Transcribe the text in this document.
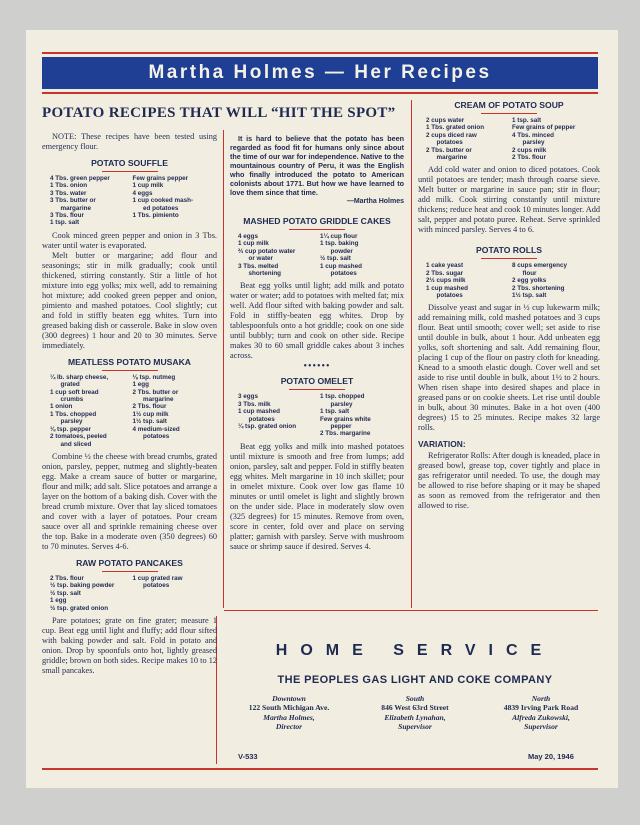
Martha Holmes — Her Recipes
POTATO RECIPES THAT WILL “HIT THE SPOT”

NOTE: These recipes have been tested using emergency flour.

POTATO SOUFFLE
4 Tbs. green pepper
1 Tbs. onion
3 Tbs. water
3 Tbs. butter or
margarine
3 Tbs. flour
1 tsp. salt
Few grains pepper
1 cup milk
4 eggs
1 cup cooked mash-
ed potatoes
1 Tbs. pimiento

Cook minced green pepper and onion in 3 Tbs. water until water is evaporated.

Melt butter or margarine; add flour and seasonings; stir in milk gradually; cook until thickened, stirring constantly. Stir a little of hot mixture into egg yolks; mix well, add to remaining hot mixture; add cooked green pepper and onion, pimiento and mashed potatoes. Cool slightly; cut and fold in stiffly beaten egg whites. Turn into greased baking dish or casserole. Bake in slow oven (300 degrees) 1 hour and 20 to 30 minutes. Serve immediately.

MEATLESS POTATO MUSAKA
¼ lb. sharp cheese,
grated
1 cup soft bread
crumbs
1 onion
1 Tbs. chopped
parsley
⅛ tsp. pepper
2 tomatoes, peeled
and sliced
⅛ tsp. nutmeg
1 egg
2 Tbs. butter or
margarine
2 Tbs. flour
1½ cup milk
1½ tsp. salt
4 medium-sized
potatoes

Combine ½ the cheese with bread crumbs, grated onion, parsley, pepper, nutmeg and slightly-beaten egg. Make a cream sauce of butter or margarine, flour and milk; add salt. Slice potatoes and arrange a layer on the bottom of a baking dish. Cover with the bread crumb mixture. Over that lay sliced tomatoes and cover with a layer of potatoes. Pour cream sauce over all and sprinkle remaining cheese over the top. Bake in a moderate oven (350 degrees) 60 to 70 minutes. Serves 4-6.

RAW POTATO PANCAKES
2 Tbs. flour
½ tsp. baking powder
½ tsp. salt
1 egg
½ tsp. grated onion
1 cup grated raw
potatoes

Pare potatoes; grate on fine grater; measure 1 cup. Beat egg until light and fluffy; add flour sifted with baking powder and salt. Fold in potato and onion. Drop by spoonfuls onto hot, lightly greased griddle; brown on both sides. Recipe makes 10 to 12 small pancakes.

It is hard to believe that the potato has been regarded as food fit for humans only since about the time of our war for independence. Native to the mountainous country of Peru, it was the English who finally introduced the potato to American colonists about 1771. But how we have learned to love them since that time.

—Martha Holmes
MASHED POTATO GRIDDLE CAKES
4 eggs
1 cup milk
⅔ cup potato water
or water
3 Tbs. melted
shortening
1¼ cup flour
1 tsp. baking
powder
½ tsp. salt
1 cup mashed
potatoes

Beat egg yolks until light; add milk and potato water or water; add to potatoes with melted fat; mix well. Add flour sifted with baking powder and salt. Fold in stiffly-beaten egg whites. Drop by tablespoonfuls onto a hot griddle; cook on one side until bubbly; turn and cook on other side. Recipe makes 30 to 60 small griddle cakes about 3 inches across.

••••••
POTATO OMELET
3 eggs
3 Tbs. milk
1 cup mashed
potatoes
¼ tsp. grated onion
1 tsp. chopped
parsley
1 tsp. salt
Few grains white
pepper
2 Tbs. margarine

Beat egg yolks and milk into mashed potatoes until mixture is smooth and free from lumps; add onion, parsley, salt and pepper. Fold in stiffly beaten egg whites. Melt margarine in 10 inch skillet; pour in omelet mixture. Cook over low gas flame 10 minutes or until omelet is light and slightly brown on the under side. Place in moderately slow oven (325 degrees) for 15 minutes. Remove from oven, score in center, fold over and place on serving platter; garnish with parsley. Serve with mushroom sauce or shrimp sauce if desired. Serves 4.

CREAM OF POTATO SOUP
2 cups water
1 Tbs. grated onion
2 cups diced raw
potatoes
2 Tbs. butter or
margarine
1 tsp. salt
Few grains of pepper
4 Tbs. minced
parsley
2 cups milk
2 Tbs. flour

Add cold water and onion to diced potatoes. Cook until potatoes are tender; mash through coarse sieve. Melt butter or margarine in sauce pan; stir in flour; add milk. Cook stirring constantly until mixture thickens; reduce heat and cook 10 minutes longer. Add salt, pepper and potato puree. Reheat. Serve sprinkled with minced parsley. Serves 4 to 6.

POTATO ROLLS
1 cake yeast
2 Tbs. sugar
2½ cups milk
1 cup mashed
potatoes
8 cups emergency
flour
2 egg yolks
2 Tbs. shortening
1½ tsp. salt

Dissolve yeast and sugar in ½ cup lukewarm milk; add remaining milk, cold mashed potatoes and 3 cups flour. Beat until smooth; cover well; set aside to rise until double in bulk, about 1 hour. Add unbeaten egg yolks, soft shortening and salt. Add remaining flour, placing 1 cup of the flour on pastry cloth for kneading. Knead to a smooth elastic dough. Cover well and set aside to rise until double in bulk, about 1½ to 2 hours. When risen shape into desired shapes and place in greased pans or on cookie sheets. Let rise until double in bulk, about 30 minutes. Bake in a hot oven (400 degrees) 15 to 25 minutes. Recipe makes 32 large rolls.

VARIATION:

Refrigerator Rolls: After dough is kneaded, place in greased bowl, grease top, cover tightly and place in gas refrigerator until needed. To use, the dough may be allowed to rise before shaping or it may be shaped as soon as removed from the refrigerator and then allowed to rise.

HOME SERVICE
THE PEOPLES GAS LIGHT AND COKE COMPANY
Downtown
122 South Michigan Ave.
Martha Holmes,
Director
South
846 West 63rd Street
Elizabeth Lynahan,
Supervisor
North
4839 Irving Park Road
Alfreda Zukowski,
Supervisor
V-533	May 20, 1946
